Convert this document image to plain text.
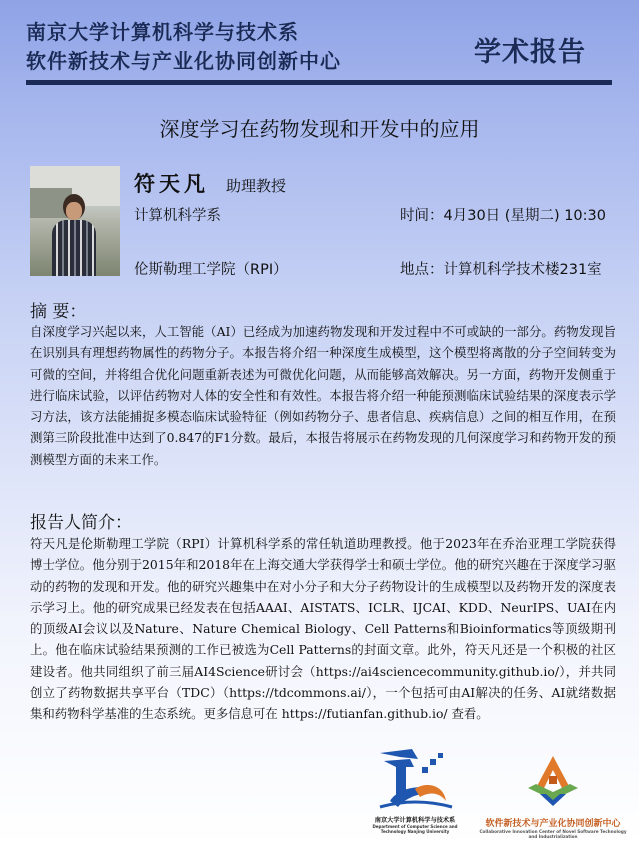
南京大学计算机科学与技术系
软件新技术与产业化协同创新中心	学术报告
深度学习在药物发现和开发中的应用
符天凡 助理教授
计算机科学系	时间：4月30日 (星期二) 10:30
伦斯勒理工学院（RPI）	地点：计算机科学技术楼231室
摘 要：
自深度学习兴起以来，人工智能（AI）已经成为加速药物发现和开发过程中不可或缺的一部分。药物发现旨在识别具有理想药物属性的药物分子。本报告将介绍一种深度生成模型，这个模型将离散的分子空间转变为可微的空间，并将组合优化问题重新表述为可微优化问题，从而能够高效解决。另一方面，药物开发侧重于进行临床试验，以评估药物对人体的安全性和有效性。本报告将介绍一种能预测临床试验结果的深度表示学习方法，该方法能捕捉多模态临床试验特征（例如药物分子、患者信息、疾病信息）之间的相互作用，在预测第三阶段批准中达到了0.847的F1分数。最后，本报告将展示在药物发现的几何深度学习和药物开发的预测模型方面的未来工作。
报告人简介：
符天凡是伦斯勒理工学院（RPI）计算机科学系的常任轨道助理教授。他于2023年在乔治亚理工学院获得博士学位。他分别于2015年和2018年在上海交通大学获得学士和硕士学位。他的研究兴趣在于深度学习驱动的药物的发现和开发。他的研究兴趣集中在对小分子和大分子药物设计的生成模型以及药物开发的深度表示学习上。他的研究成果已经发表在包括AAAI、AISTATS、ICLR、IJCAI、KDD、NeurIPS、UAI在内的顶级AI会议以及Nature、Nature Chemical Biology、Cell Patterns和Bioinformatics等顶级期刊上。他在临床试验结果预测的工作已被选为Cell Patterns的封面文章。此外，符天凡还是一个积极的社区建设者。他共同组织了前三届AI4Science研讨会（https://ai4sciencecommunity.github.io/），并共同创立了药物数据共享平台（TDC）（https://tdcommons.ai/），一个包括可由AI解决的任务、AI就绪数据集和药物科学基准的生态系统。更多信息可在 https://futianfan.github.io/ 查看。
南京大学计算机科学与技术系
Department of Computer Science and Technology Nanjing University
软件新技术与产业化协同创新中心
Collaborative Innovation Center of Novel Software Technology and Industrialization
